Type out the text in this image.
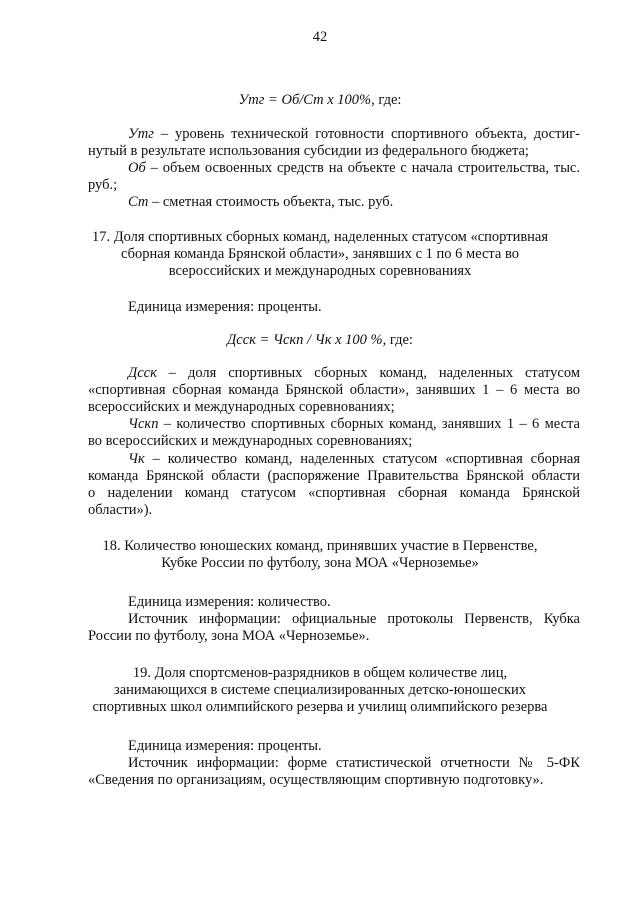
42
Утг = Об/Ст х 100%, где:
Утг – уровень технической готовности спортивного объекта, достиг-
нутый в результате использования субсидии из федерального бюджета;
Об – объем освоенных средств на объекте с начала строительства, тыс.
руб.;
Ст – сметная стоимость объекта, тыс. руб.
17. Доля спортивных сборных команд, наделенных статусом «спортивная
сборная команда Брянской области», занявших с 1 по 6 места во
всероссийских и международных соревнованиях
Единица измерения: проценты.
Дсск = Чскп / Чк х 100 %, где:
Дсск – доля спортивных сборных команд, наделенных статусом
«спортивная сборная команда Брянской области», занявших 1 – 6 места во
всероссийских и международных соревнованиях;
Чскп – количество спортивных сборных команд, занявших 1 – 6 места
во всероссийских и международных соревнованиях;
Чк – количество команд, наделенных статусом «спортивная сборная
команда Брянской области (распоряжение Правительства Брянской области
о наделении команд статусом «спортивная сборная команда Брянской
области»).
18. Количество юношеских команд, принявших участие в Первенстве,
Кубке России по футболу, зона МОА «Черноземье»
Единица измерения: количество.
Источник информации: официальные протоколы Первенств, Кубка
России по футболу, зона МОА «Черноземье».
19. Доля спортсменов-разрядников в общем количестве лиц,
занимающихся в системе специализированных детско-юношеских
спортивных школ олимпийского резерва и училищ олимпийского резерва
Единица измерения: проценты.
Источник информации: форме статистической отчетности № 5-ФК
«Сведения по организациям, осуществляющим спортивную подготовку».
